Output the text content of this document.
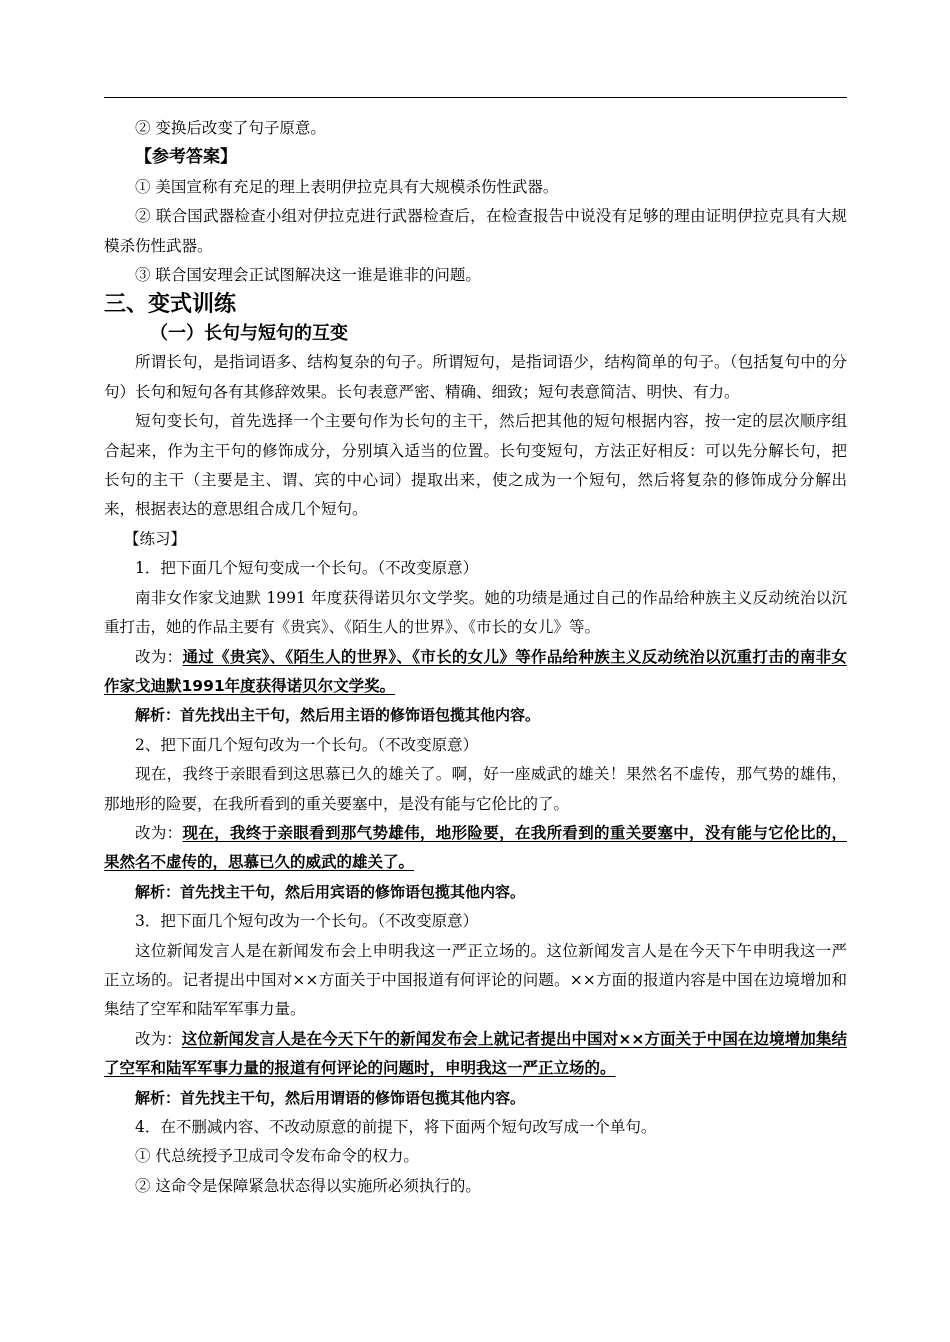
② 变换后改变了句子原意。

【参考答案】

① 美国宣称有充足的理上表明伊拉克具有大规模杀伤性武器。

② 联合国武器检查小组对伊拉克进行武器检查后，在检查报告中说没有足够的理由证明伊拉克具有大规模杀伤性武器。

③ 联合国安理会正试图解决这一谁是谁非的问题。

三、变式训练
（一）长句与短句的互变

所谓长句，是指词语多、结构复杂的句子。所谓短句，是指词语少，结构简单的句子。（包括复句中的分句）长句和短句各有其修辞效果。长句表意严密、精确、细致；短句表意简洁、明快、有力。

短句变长句，首先选择一个主要句作为长句的主干，然后把其他的短句根据内容，按一定的层次顺序组合起来，作为主干句的修饰成分，分别填入适当的位置。长句变短句，方法正好相反：可以先分解长句，把长句的主干（主要是主、谓、宾的中心词）提取出来，使之成为一个短句，然后将复杂的修饰成分分解出来，根据表达的意思组合成几个短句。

【练习】

1．把下面几个短句变成一个长句。（不改变原意）

南非女作家戈迪默 1991 年度获得诺贝尔文学奖。她的功绩是通过自己的作品给种族主义反动统治以沉重打击，她的作品主要有《贵宾》、《陌生人的世界》、《市长的女儿》等。

改为：通过《贵宾》、《陌生人的世界》、《市长的女儿》等作品给种族主义反动统治以沉重打击的南非女作家戈迪默1991年度获得诺贝尔文学奖。

解析：首先找出主干句，然后用主语的修饰语包揽其他内容。

2、把下面几个短句改为一个长句。（不改变原意）

现在，我终于亲眼看到这思慕已久的雄关了。啊，好一座威武的雄关！果然名不虚传，那气势的雄伟，那地形的险要，在我所看到的重关要塞中，是没有能与它伦比的了。

改为：现在，我终于亲眼看到那气势雄伟，地形险要，在我所看到的重关要塞中，没有能与它伦比的，果然名不虚传的，思慕已久的威武的雄关了。

解析：首先找主干句，然后用宾语的修饰语包揽其他内容。

3．把下面几个短句改为一个长句。（不改变原意）

这位新闻发言人是在新闻发布会上申明我这一严正立场的。这位新闻发言人是在今天下午申明我这一严正立场的。记者提出中国对××方面关于中国报道有何评论的问题。××方面的报道内容是中国在边境增加和集结了空军和陆军军事力量。

改为：这位新闻发言人是在今天下午的新闻发布会上就记者提出中国对××方面关于中国在边境增加集结了空军和陆军军事力量的报道有何评论的问题时，申明我这一严正立场的。

解析：首先找主干句，然后用谓语的修饰语包揽其他内容。

4．在不删减内容、不改动原意的前提下，将下面两个短句改写成一个单句。

① 代总统授予卫成司令发布命令的权力。

② 这命令是保障紧急状态得以实施所必须执行的。
